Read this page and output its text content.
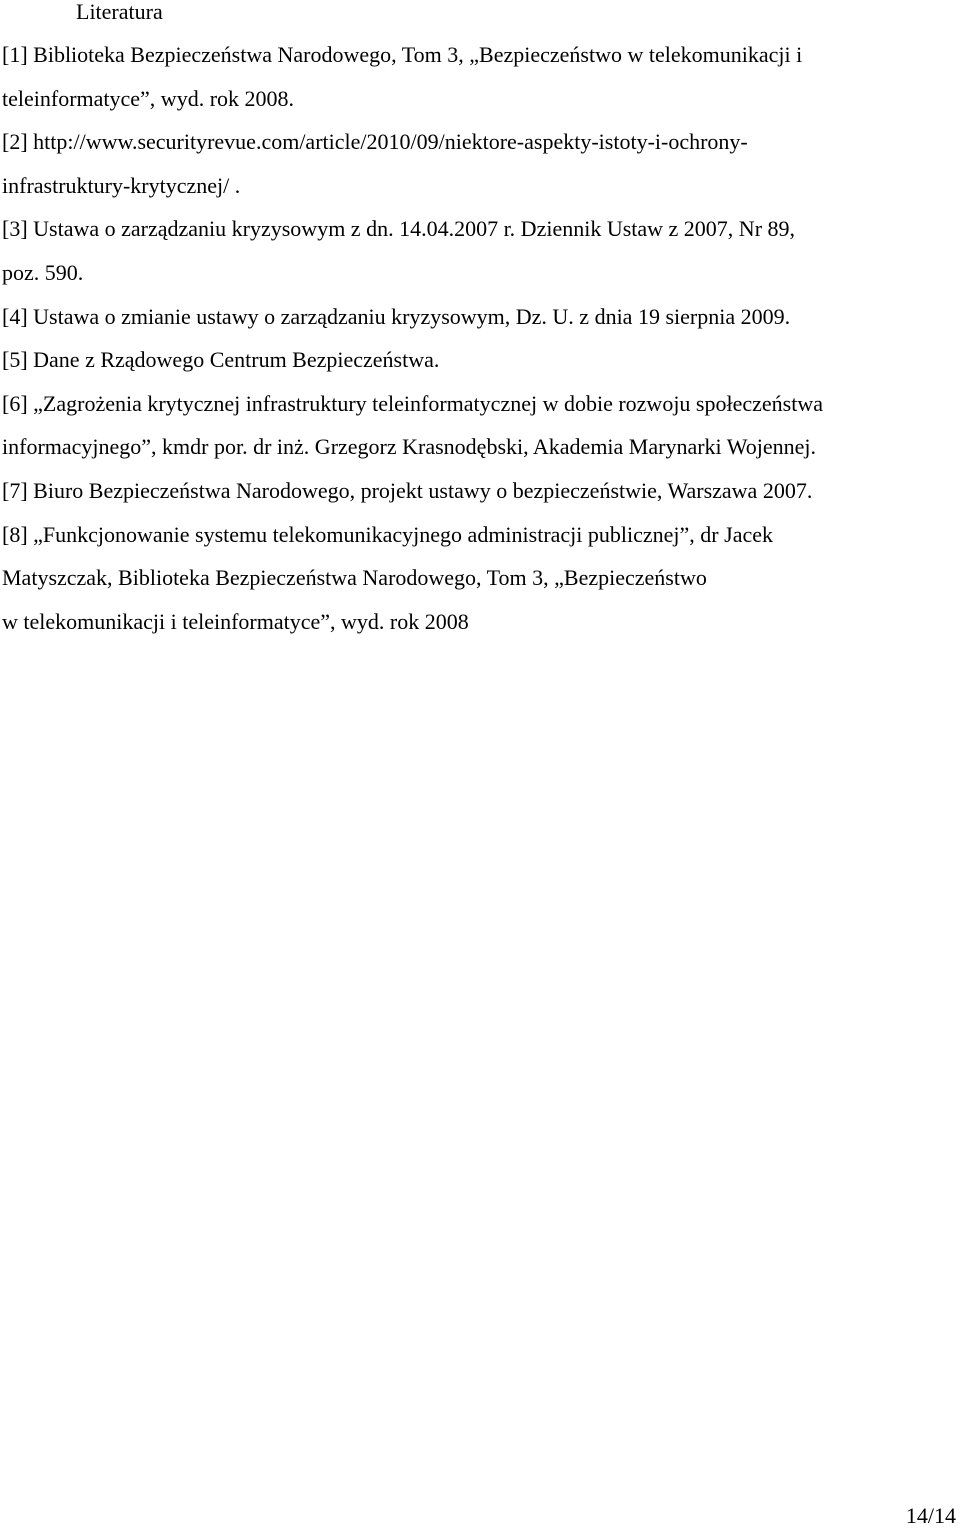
Literatura

[1] Biblioteka Bezpieczeństwa Narodowego, Tom 3, „Bezpieczeństwo w telekomunikacji i
teleinformatyce”, wyd. rok 2008.

[2] http://www.securityrevue.com/article/2010/09/niektore-aspekty-istoty-i-ochrony-
infrastruktury-krytycznej/ .

[3] Ustawa o zarządzaniu kryzysowym z dn. 14.04.2007 r. Dziennik Ustaw z 2007, Nr 89,
poz. 590.

[4] Ustawa o zmianie ustawy o zarządzaniu kryzysowym, Dz. U. z dnia 19 sierpnia 2009.

[5] Dane z Rządowego Centrum Bezpieczeństwa.

[6] „Zagrożenia krytycznej infrastruktury teleinformatycznej w dobie rozwoju społeczeństwa
informacyjnego”, kmdr por. dr inż. Grzegorz Krasnodębski, Akademia Marynarki Wojennej.

[7] Biuro Bezpieczeństwa Narodowego, projekt ustawy o bezpieczeństwie, Warszawa 2007.

[8] „Funkcjonowanie systemu telekomunikacyjnego administracji publicznej”, dr Jacek
Matyszczak, Biblioteka Bezpieczeństwa Narodowego, Tom 3, „Bezpieczeństwo
w telekomunikacji i teleinformatyce”, wyd. rok 2008

14/14
